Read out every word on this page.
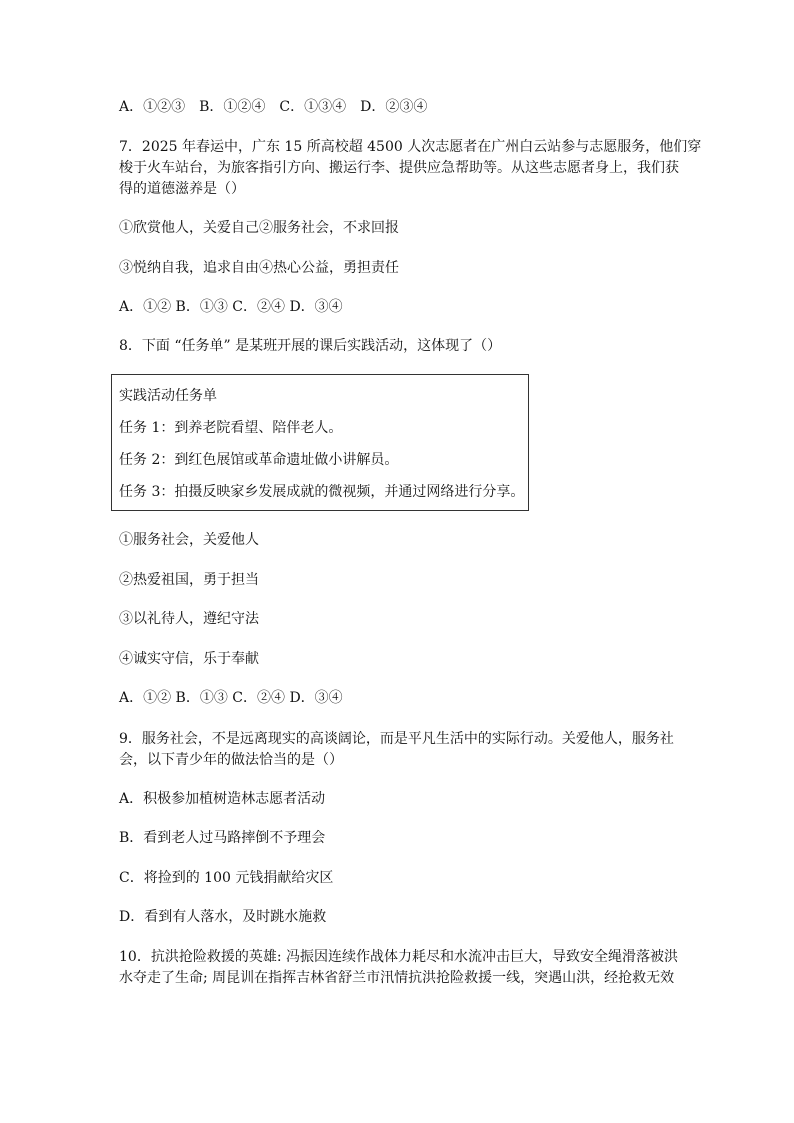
A．①②③　B．①②④　C．①③④　D．②③④
7．2025 年春运中，广东 15 所高校超 4500 人次志愿者在广州白云站参与志愿服务，他们穿
梭于火车站台，为旅客指引方向、搬运行李、提供应急帮助等。从这些志愿者身上，我们获
得的道德滋养是（）
①欣赏他人，关爱自己②服务社会，不求回报
③悦纳自我，追求自由④热心公益，勇担责任
A．①② B．①③ C．②④ D．③④
8．下面 “任务单” 是某班开展的课后实践活动，这体现了（）
实践活动任务单
任务 1：到养老院看望、陪伴老人。
任务 2：到红色展馆或革命遗址做小讲解员。
任务 3：拍摄反映家乡发展成就的微视频，并通过网络进行分享。
①服务社会，关爱他人
②热爱祖国，勇于担当
③以礼待人，遵纪守法
④诚实守信，乐于奉献
A．①② B．①③ C．②④ D．③④
9．服务社会，不是远离现实的高谈阔论，而是平凡生活中的实际行动。关爱他人，服务社
会，以下青少年的做法恰当的是（）
A．积极参加植树造林志愿者活动
B．看到老人过马路摔倒不予理会
C．将捡到的 100 元钱捐献给灾区
D．看到有人落水，及时跳水施救
10．抗洪抢险救援的英雄: 冯振因连续作战体力耗尽和水流冲击巨大，导致安全绳滑落被洪
水夺走了生命; 周昆训在指挥吉林省舒兰市汛情抗洪抢险救援一线，突遇山洪，经抢救无效
